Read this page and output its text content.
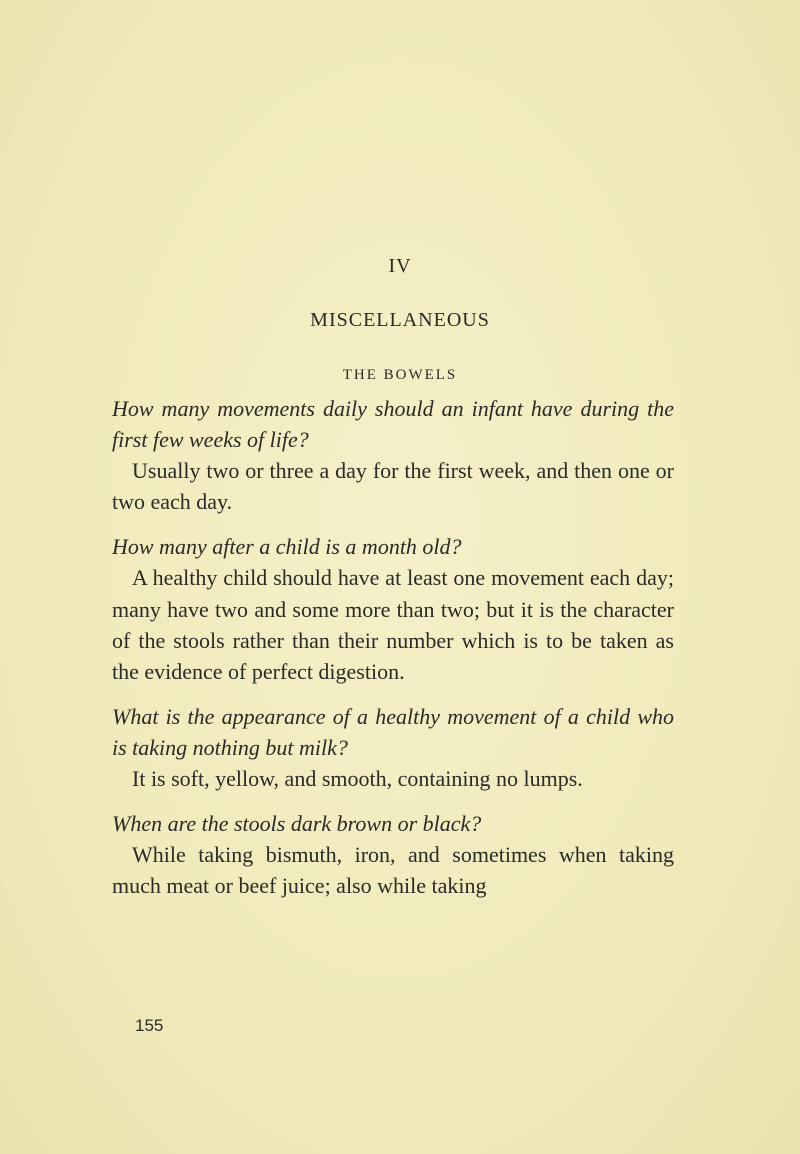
IV
MISCELLANEOUS
THE BOWELS

How many movements daily should an infant have during the first few weeks of life?

Usually two or three a day for the first week, and then one or two each day.

How many after a child is a month old?

A healthy child should have at least one movement each day; many have two and some more than two; but it is the character of the stools rather than their number which is to be taken as the evidence of perfect digestion.

What is the appearance of a healthy movement of a child who is taking nothing but milk?

It is soft, yellow, and smooth, containing no lumps.

When are the stools dark brown or black?

While taking bismuth, iron, and sometimes when taking much meat or beef juice; also while taking

155
